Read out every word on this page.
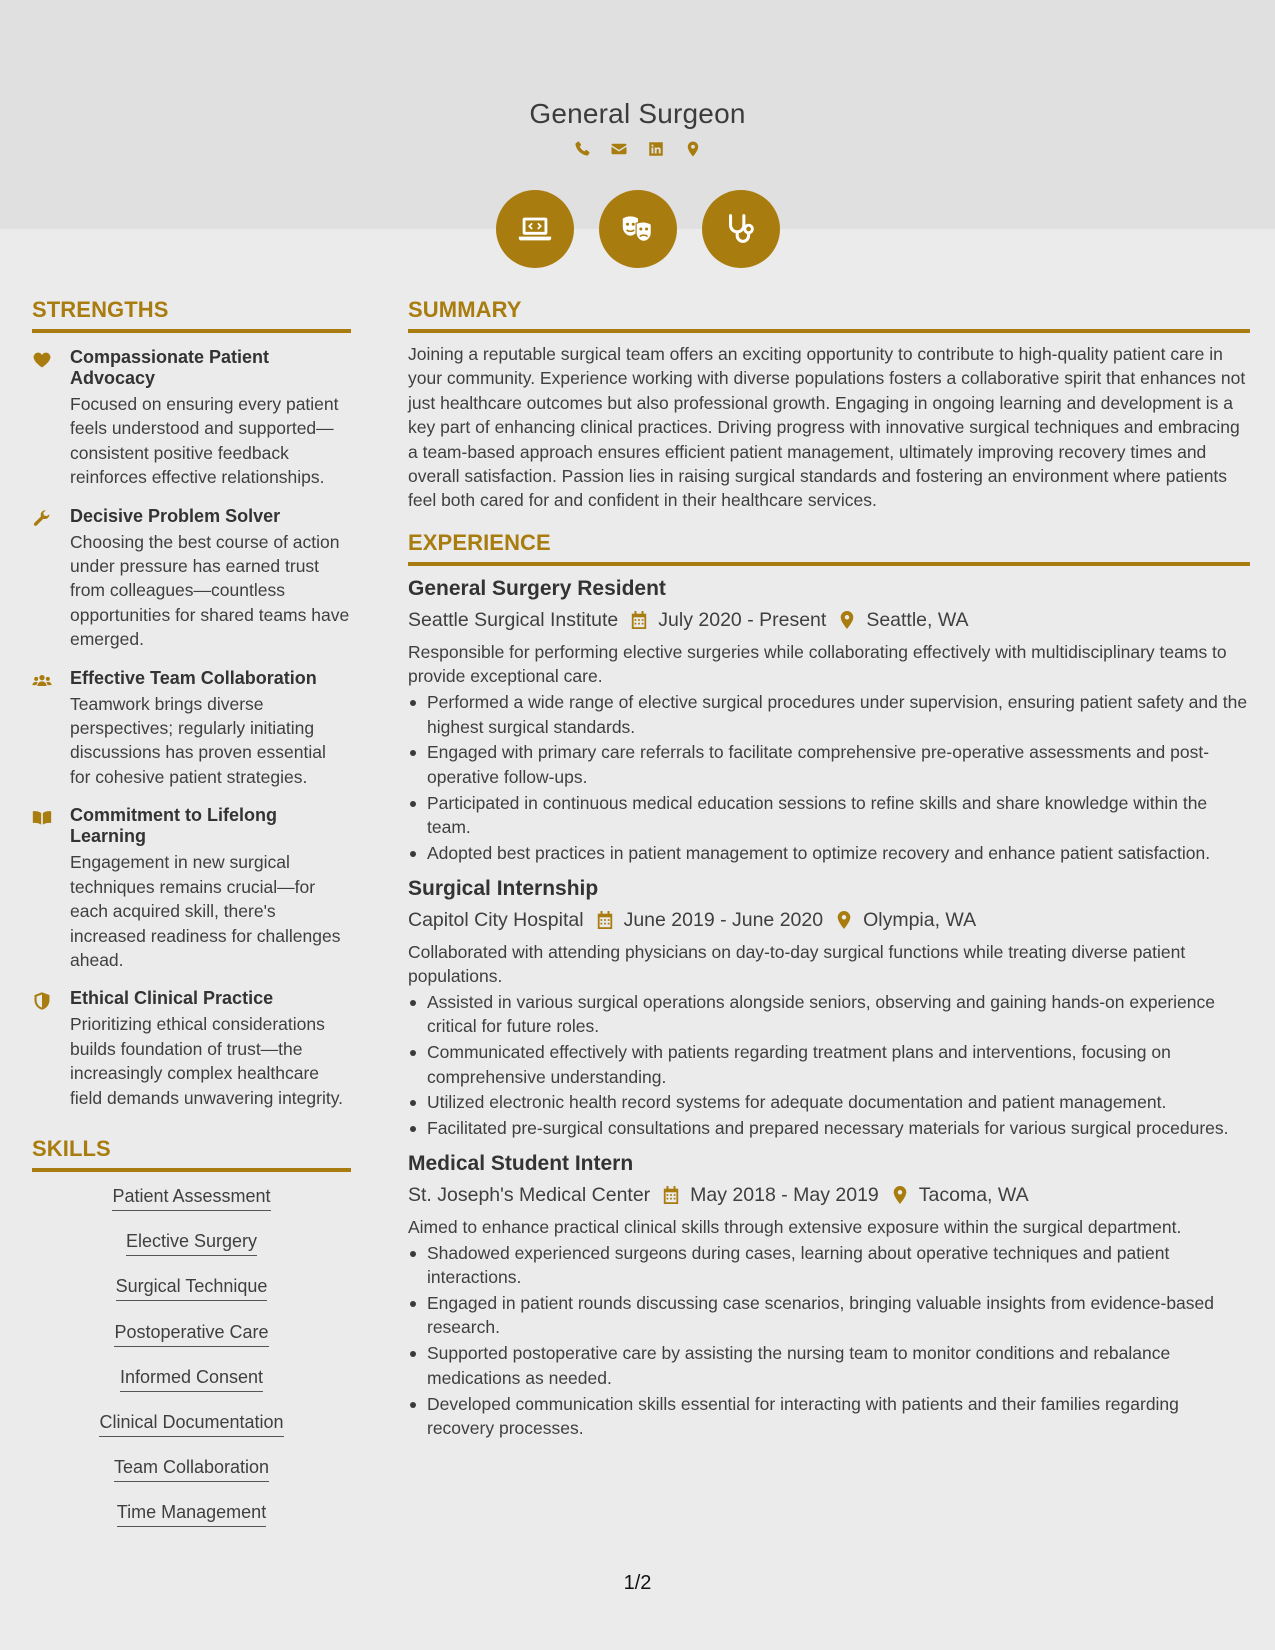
General Surgeon
STRENGTHS
Compassionate Patient Advocacy
Focused on ensuring every patient feels understood and supported—consistent positive feedback reinforces effective relationships.
Decisive Problem Solver
Choosing the best course of action under pressure has earned trust from colleagues—countless opportunities for shared teams have emerged.
Effective Team Collaboration
Teamwork brings diverse perspectives; regularly initiating discussions has proven essential for cohesive patient strategies.
Commitment to Lifelong Learning
Engagement in new surgical techniques remains crucial—for each acquired skill, there's increased readiness for challenges ahead.
Ethical Clinical Practice
Prioritizing ethical considerations builds foundation of trust—the increasingly complex healthcare field demands unwavering integrity.
SKILLS
Patient Assessment
Elective Surgery
Surgical Technique
Postoperative Care
Informed Consent
Clinical Documentation
Team Collaboration
Time Management
SUMMARY
Joining a reputable surgical team offers an exciting opportunity to contribute to high-quality patient care in your community. Experience working with diverse populations fosters a collaborative spirit that enhances not just healthcare outcomes but also professional growth. Engaging in ongoing learning and development is a key part of enhancing clinical practices. Driving progress with innovative surgical techniques and embracing a team-based approach ensures efficient patient management, ultimately improving recovery times and overall satisfaction. Passion lies in raising surgical standards and fostering an environment where patients feel both cared for and confident in their healthcare services.
EXPERIENCE
General Surgery Resident
Seattle Surgical Institute July 2020 - Present Seattle, WA
Responsible for performing elective surgeries while collaborating effectively with multidisciplinary teams to provide exceptional care.
Performed a wide range of elective surgical procedures under supervision, ensuring patient safety and the highest surgical standards.
Engaged with primary care referrals to facilitate comprehensive pre-operative assessments and post-operative follow-ups.
Participated in continuous medical education sessions to refine skills and share knowledge within the team.
Adopted best practices in patient management to optimize recovery and enhance patient satisfaction.
Surgical Internship
Capitol City Hospital June 2019 - June 2020 Olympia, WA
Collaborated with attending physicians on day-to-day surgical functions while treating diverse patient populations.
Assisted in various surgical operations alongside seniors, observing and gaining hands-on experience critical for future roles.
Communicated effectively with patients regarding treatment plans and interventions, focusing on comprehensive understanding.
Utilized electronic health record systems for adequate documentation and patient management.
Facilitated pre-surgical consultations and prepared necessary materials for various surgical procedures.
Medical Student Intern
St. Joseph's Medical Center May 2018 - May 2019 Tacoma, WA
Aimed to enhance practical clinical skills through extensive exposure within the surgical department.
Shadowed experienced surgeons during cases, learning about operative techniques and patient interactions.
Engaged in patient rounds discussing case scenarios, bringing valuable insights from evidence-based research.
Supported postoperative care by assisting the nursing team to monitor conditions and rebalance medications as needed.
Developed communication skills essential for interacting with patients and their families regarding recovery processes.
1/2
